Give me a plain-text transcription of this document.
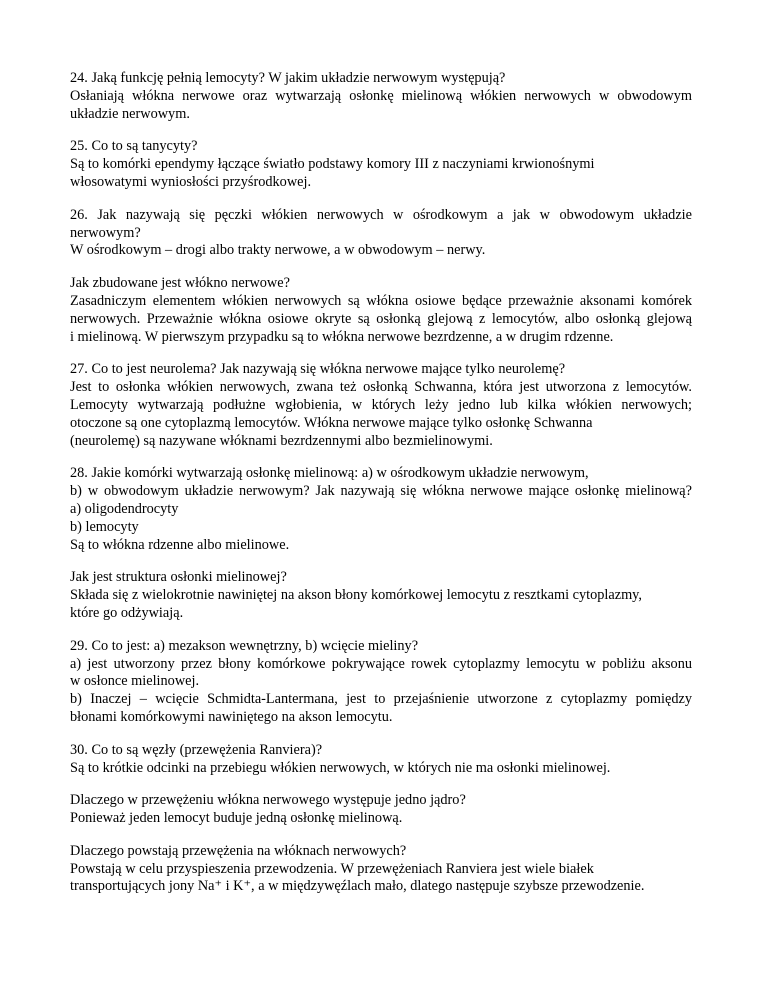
24. Jaką funkcję pełnią lemocyty? W jakim układzie nerwowym występują?
Osłaniają włókna nerwowe oraz wytwarzają osłonkę mielinową włókien nerwowych w obwodowym
układzie nerwowym.
25. Co to są tanycyty?
Są to komórki ependymy łączące światło podstawy komory III z naczyniami krwionośnymi
włosowatymi wyniosłości przyśrodkowej.
26. Jak nazywają się pęczki włókien nerwowych w ośrodkowym a jak w obwodowym układzie
nerwowym?
W ośrodkowym – drogi albo trakty nerwowe, a w obwodowym – nerwy.
Jak zbudowane jest włókno nerwowe?
Zasadniczym elementem włókien nerwowych są włókna osiowe będące przeważnie aksonami komórek
nerwowych. Przeważnie włókna osiowe okryte są osłonką glejową z lemocytów, albo osłonką glejową
i mielinową. W pierwszym przypadku są to włókna nerwowe bezrdzenne, a w drugim rdzenne.
27. Co to jest neurolema? Jak nazywają się włókna nerwowe mające tylko neurolemę?
Jest to osłonka włókien nerwowych, zwana też osłonką Schwanna, która jest utworzona z lemocytów.
Lemocyty wytwarzają podłużne wgłobienia, w których leży jedno lub kilka włókien nerwowych;
otoczone są one cytoplazmą lemocytów. Włókna nerwowe mające tylko osłonkę Schwanna
(neurolemę) są nazywane włóknami bezrdzennymi albo bezmielinowymi.
28. Jakie komórki wytwarzają osłonkę mielinową: a) w ośrodkowym układzie nerwowym,
b) w obwodowym układzie nerwowym? Jak nazywają się włókna nerwowe mające osłonkę mielinową?
a) oligodendrocyty
b) lemocyty
Są to włókna rdzenne albo mielinowe.
Jak jest struktura osłonki mielinowej?
Składa się z wielokrotnie nawiniętej na akson błony komórkowej lemocytu z resztkami cytoplazmy,
które go odżywiają.
29. Co to jest: a) mezakson wewnętrzny, b) wcięcie mieliny?
a) jest utworzony przez błony komórkowe pokrywające rowek cytoplazmy lemocytu w pobliżu aksonu
w osłonce mielinowej.
b) Inaczej – wcięcie Schmidta-Lantermana, jest to przejaśnienie utworzone z cytoplazmy pomiędzy
błonami komórkowymi nawiniętego na akson lemocytu.
30. Co to są węzły (przewężenia Ranviera)?
Są to krótkie odcinki na przebiegu włókien nerwowych, w których nie ma osłonki mielinowej.
Dlaczego w przewężeniu włókna nerwowego występuje jedno jądro?
Ponieważ jeden lemocyt buduje jedną osłonkę mielinową.
Dlaczego powstają przewężenia na włóknach nerwowych?
Powstają w celu przyspieszenia przewodzenia. W przewężeniach Ranviera jest wiele białek
transportujących jony Na⁺ i K⁺, a w międzywęźlach mało, dlatego następuje szybsze przewodzenie.
